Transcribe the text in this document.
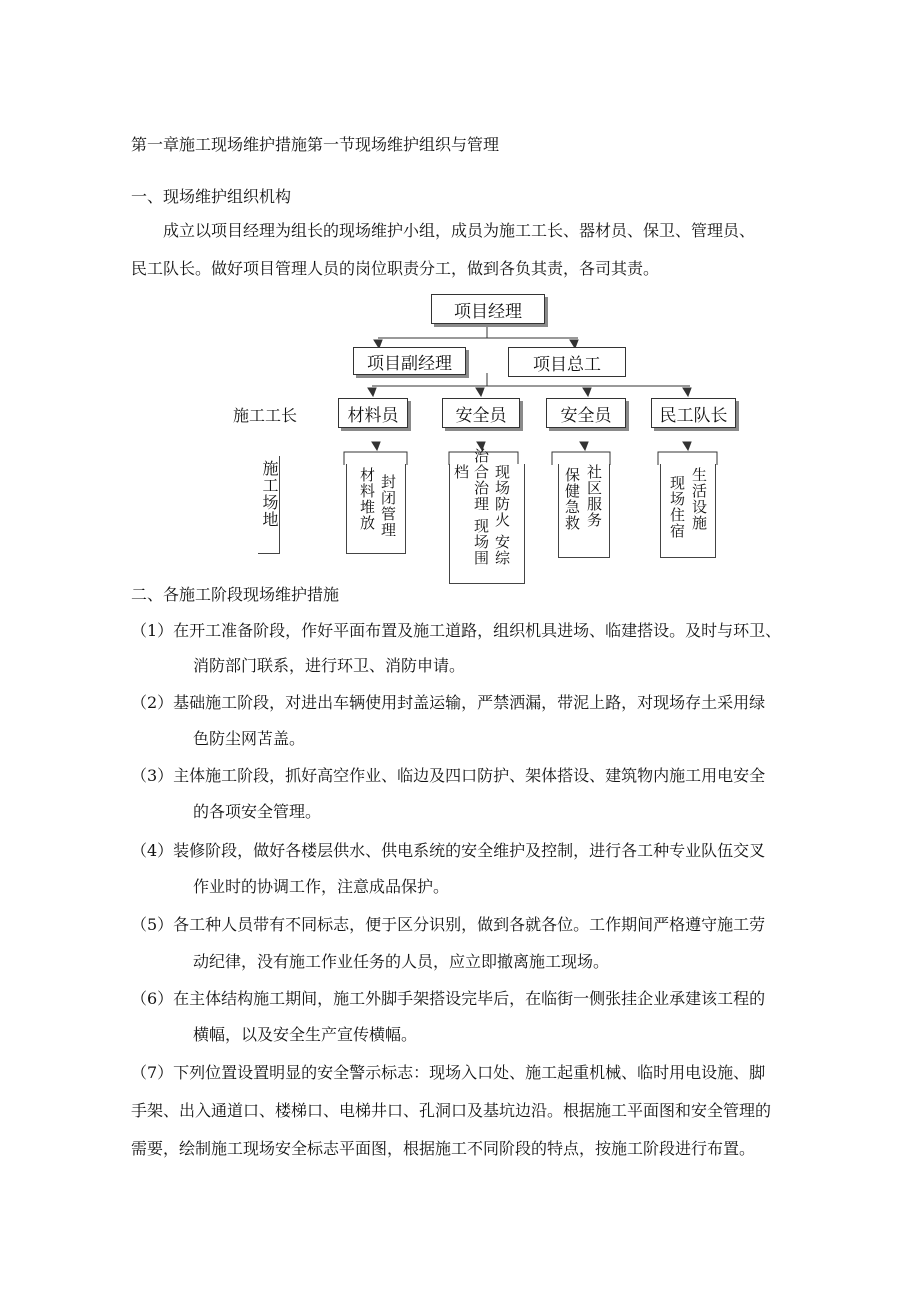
第一章施工现场维护措施第一节现场维护组织与管理
一、现场维护组织机构
成立以项目经理为组长的现场维护小组，成员为施工工长、器材员、保卫、管理员、
民工队长。做好项目管理人员的岗位职责分工，做到各负其责，各司其责。
项目经理
项目副经理	项目总工
施工工长	材料员	安全员	安全员	民工队长
施工场地	材料堆放 封闭管理
档 治合治理 现场围 现场防火 安综	保健急救 社区服务	现场住宿 生活设施
二、各施工阶段现场维护措施
（1）在开工准备阶段，作好平面布置及施工道路，组织机具进场、临建搭设。及时与环卫、
消防部门联系，进行环卫、消防申请。
（2）基础施工阶段，对进出车辆使用封盖运输，严禁洒漏，带泥上路，对现场存土采用绿
色防尘网苫盖。
（3）主体施工阶段，抓好高空作业、临边及四口防护、架体搭设、建筑物内施工用电安全
的各项安全管理。
（4）装修阶段，做好各楼层供水、供电系统的安全维护及控制，进行各工种专业队伍交叉
作业时的协调工作，注意成品保护。
（5）各工种人员带有不同标志，便于区分识别，做到各就各位。工作期间严格遵守施工劳
动纪律，没有施工作业任务的人员，应立即撤离施工现场。
（6）在主体结构施工期间，施工外脚手架搭设完毕后，在临街一侧张挂企业承建该工程的
横幅，以及安全生产宣传横幅。
（7）下列位置设置明显的安全警示标志：现场入口处、施工起重机械、临时用电设施、脚
手架、出入通道口、楼梯口、电梯井口、孔洞口及基坑边沿。根据施工平面图和安全管理的
需要，绘制施工现场安全标志平面图，根据施工不同阶段的特点，按施工阶段进行布置。
